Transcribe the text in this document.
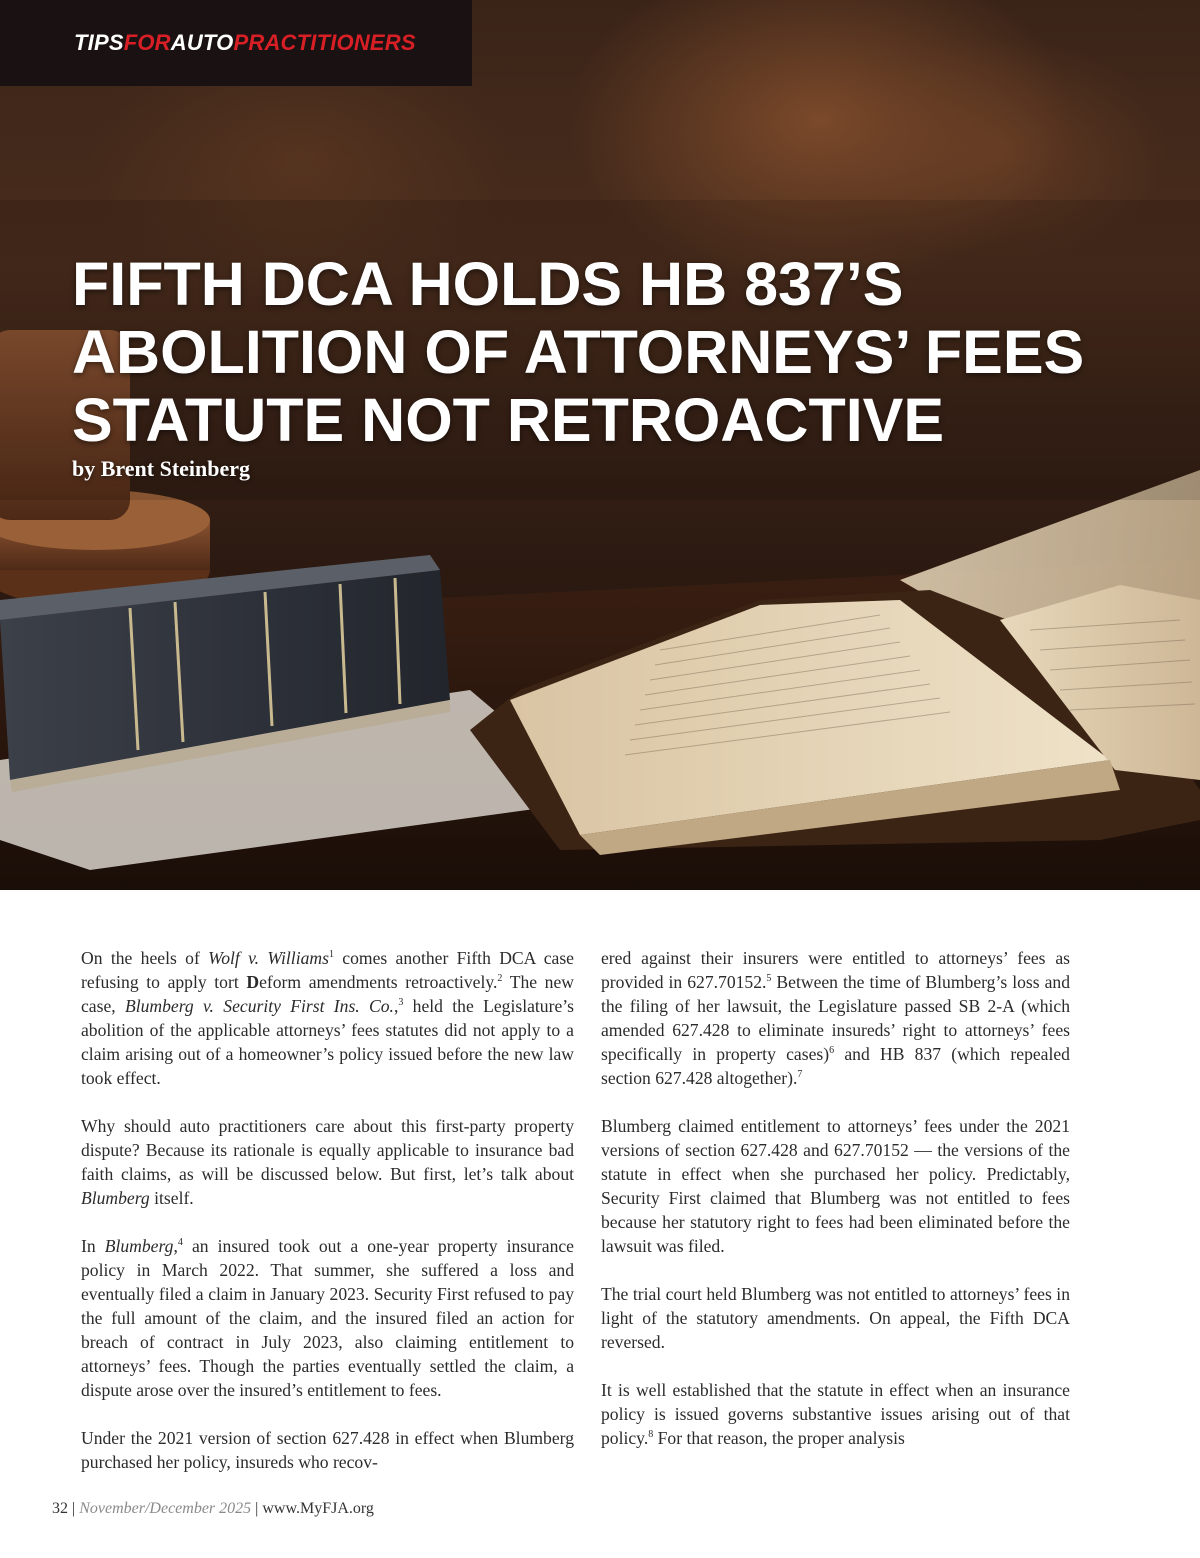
TIPSFORAUTOPRACTITIONERS
FIFTH DCA HOLDS HB 837’S
ABOLITION OF ATTORNEYS’ FEES
STATUTE NOT RETROACTIVE
by Brent Steinberg

On the heels of Wolf v. Williams$^1$ comes another Fifth DCA case refusing to apply tort Deform amendments retroactively.$^2$ The new case, Blumberg v. Security First Ins. Co.,$^3$ held the Legislature’s abolition of the applicable attorneys’ fees statutes did not apply to a claim arising out of a homeowner’s policy issued before the new law took effect.

Why should auto practitioners care about this first-party property dispute? Because its rationale is equally applicable to insurance bad faith claims, as will be discussed below. But first, let’s talk about Blumberg itself.

In Blumberg,$^4$ an insured took out a one-year property insurance policy in March 2022. That summer, she suffered a loss and eventually filed a claim in January 2023. Security First refused to pay the full amount of the claim, and the insured filed an action for breach of contract in July 2023, also claiming entitlement to attorneys’ fees. Though the parties eventually settled the claim, a dispute arose over the insured’s entitlement to fees.

Under the 2021 version of section 627.428 in effect when Blumberg purchased her policy, insureds who recov-

ered against their insurers were entitled to attorneys’ fees as provided in 627.70152.$^5$ Between the time of Blumberg’s loss and the filing of her lawsuit, the Legislature passed SB 2-A (which amended 627.428 to eliminate insureds’ right to attorneys’ fees specifically in property cases)$^6$ and HB 837 (which repealed section 627.428 altogether).$^7$

Blumberg claimed entitlement to attorneys’ fees under the 2021 versions of section 627.428 and 627.70152 — the versions of the statute in effect when she purchased her policy. Predictably, Security First claimed that Blumberg was not entitled to fees because her statutory right to fees had been eliminated before the lawsuit was filed.

The trial court held Blumberg was not entitled to attorneys’ fees in light of the statutory amendments. On appeal, the Fifth DCA reversed.

It is well established that the statute in effect when an insurance policy is issued governs substantive issues arising out of that policy.$^8$ For that reason, the proper analysis

32 | November/December 2025 | www.MyFJA.org
